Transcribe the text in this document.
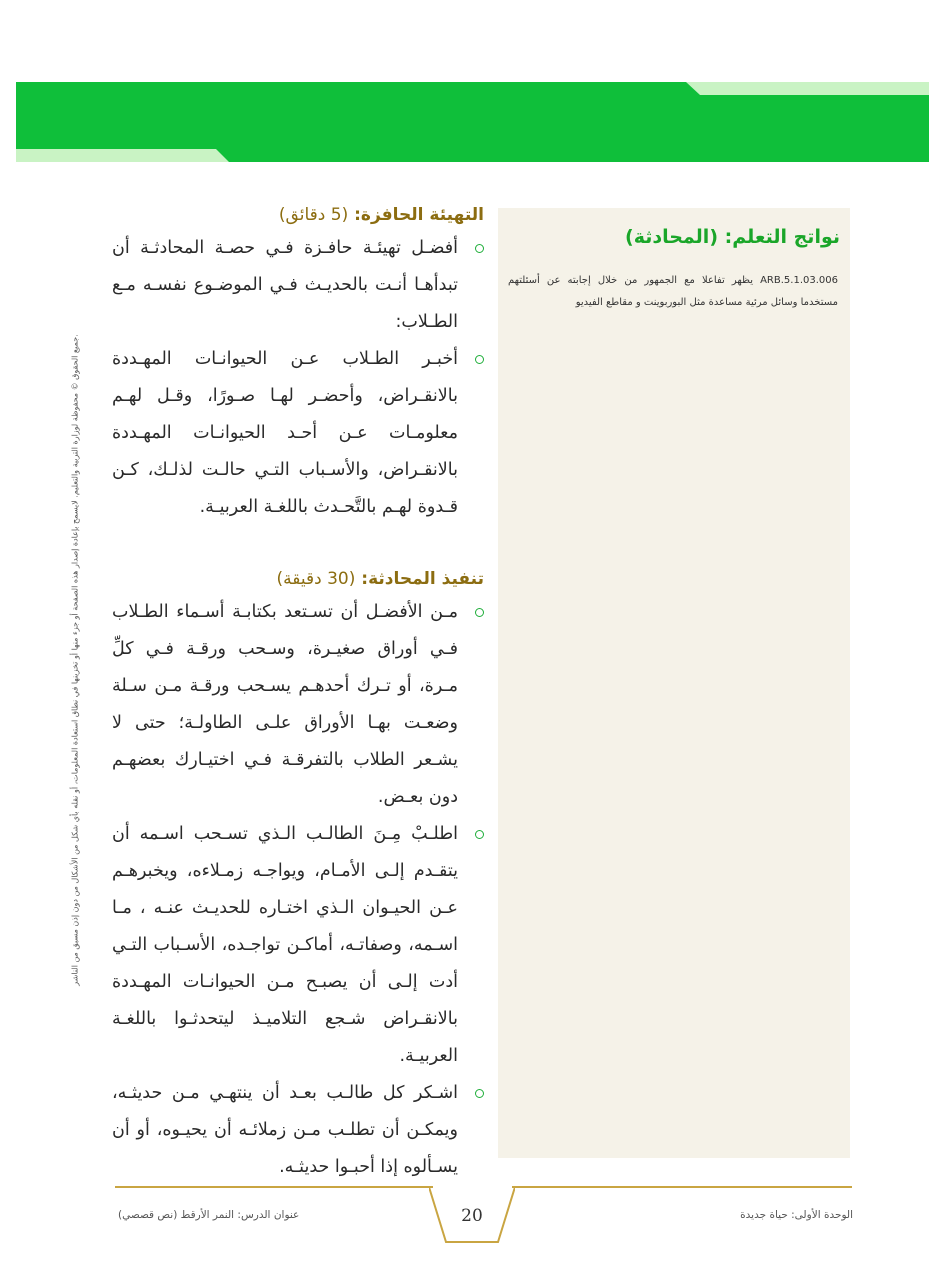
جميع الحقوق © محفوظة لوزارة التربية والتعليم. لايسمح بإعادة إصدار هذه الصفحة أو جزء منها أو تخزينها في نطاق استعادة المعلومات، أو نقله بأي شكل من الأشكال من دون إذن مسبق من الناشر.
نواتج التعلم: (المحادثة)

ARB.5.1.03.006 يظهر تفاعلا مع الجمهور من خلال إجابته عن أسئلتهم مستخدما وسائل مرئية مساعدة مثل البوربوينت و مقاطع الفيديو

التهيئة الحافزة: (5 دقائق)
أفضـل تهيئـة حافـزة فـي حصـة المحادثـة أن تبدأهـا أنـت بالحديـث فـي الموضـوع نفسـه مـع الطـلاب:
أخبـر الطـلاب عـن الحيوانـات المهـددة بالانقـراض، وأحضـر لهـا صـورًا، وقـل لهـم معلومـات عـن أحـد الحيوانـات المهـددة بالانقـراض، والأسـباب التـي حالـت لذلـك، كـن قـدوة لهـم بالتَّحـدث باللغـة العربيـة.
تنفيذ المحادثة: (30 دقيقة)
مـن الأفضـل أن تسـتعد بكتابـة أسـماء الطـلاب فـي أوراق صغيـرة، وسـحب ورقـة فـي كلِّ مـرة، أو تـرك أحدهـم يسـحب ورقـة مـن سـلة وضعـت بهـا الأوراق علـى الطاولـة؛ حتى لا يشـعر الطلاب بالتفرقـة فـي اختيـارك بعضهـم دون بعـض.
اطلـبْ مِـنَ الطالـب الـذي تسـحب اسـمه أن يتقـدم إلـى الأمـام، ويواجـه زمـلاءه، ويخبرهـم عـن الحيـوان الـذي اختـاره للحديـث عنـه ، مـا اسـمه، وصفاتـه، أماكـن تواجـده، الأسـباب التـي أدت إلـى أن يصبـح مـن الحيوانـات المهـددة بالانقـراض شـجع التلاميـذ ليتحدثـوا باللغـة العربيـة.
اشـكر كل طالـب بعـد أن ينتهـي مـن حديثـه، ويمكـن أن تطلـب مـن زملائـه أن يحيـوه، أو أن يسـألوه إذا أحبـوا حديثـه.

20

عنوان الدرس: النمر الأرقط (نص قصصي)	الوحدة الأولى: حياة جديدة
